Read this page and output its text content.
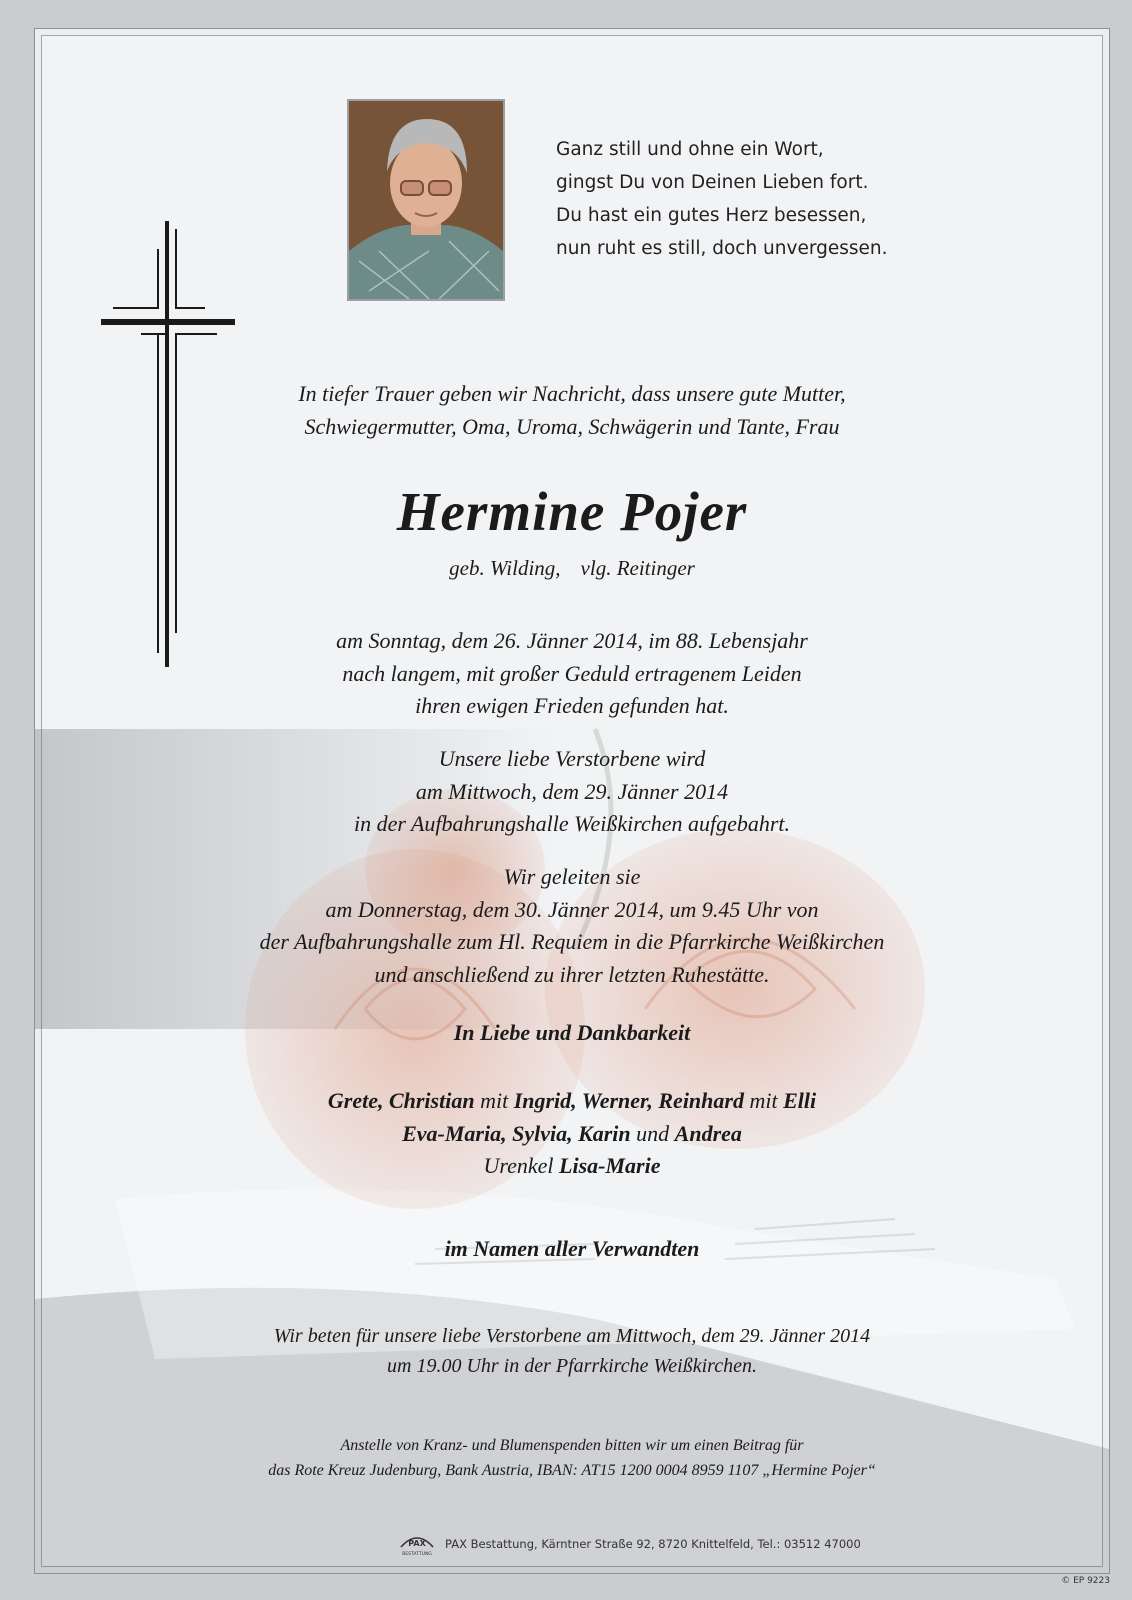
Ganz still und ohne ein Wort,
gingst Du von Deinen Lieben fort.
Du hast ein gutes Herz besessen,
nun ruht es still, doch unvergessen.
In tiefer Trauer geben wir Nachricht, dass unsere gute Mutter,
Schwiegermutter, Oma, Uroma, Schwägerin und Tante, Frau
Hermine Pojer
geb. Wilding, vlg. Reitinger
am Sonntag, dem 26. Jänner 2014, im 88. Lebensjahr
nach langem, mit großer Geduld ertragenem Leiden
ihren ewigen Frieden gefunden hat.
Unsere liebe Verstorbene wird
am Mittwoch, dem 29. Jänner 2014
in der Aufbahrungshalle Weißkirchen aufgebahrt.
Wir geleiten sie
am Donnerstag, dem 30. Jänner 2014, um 9.45 Uhr von
der Aufbahrungshalle zum Hl. Requiem in die Pfarrkirche Weißkirchen
und anschließend zu ihrer letzten Ruhestätte.
In Liebe und Dankbarkeit
Grete, Christian mit Ingrid, Werner, Reinhard mit Elli
Eva-Maria, Sylvia, Karin und Andrea
Urenkel Lisa-Marie
im Namen aller Verwandten
Wir beten für unsere liebe Verstorbene am Mittwoch, dem 29. Jänner 2014
um 19.00 Uhr in der Pfarrkirche Weißkirchen.
Anstelle von Kranz- und Blumenspenden bitten wir um einen Beitrag für
das Rote Kreuz Judenburg, Bank Austria, IBAN: AT15 1200 0004 8959 1107 „Hermine Pojer“
PAX
BESTATTUNG
PAX Bestattung, Kärntner Straße 92, 8720 Knittelfeld, Tel.: 03512 47000
© EP 9223
